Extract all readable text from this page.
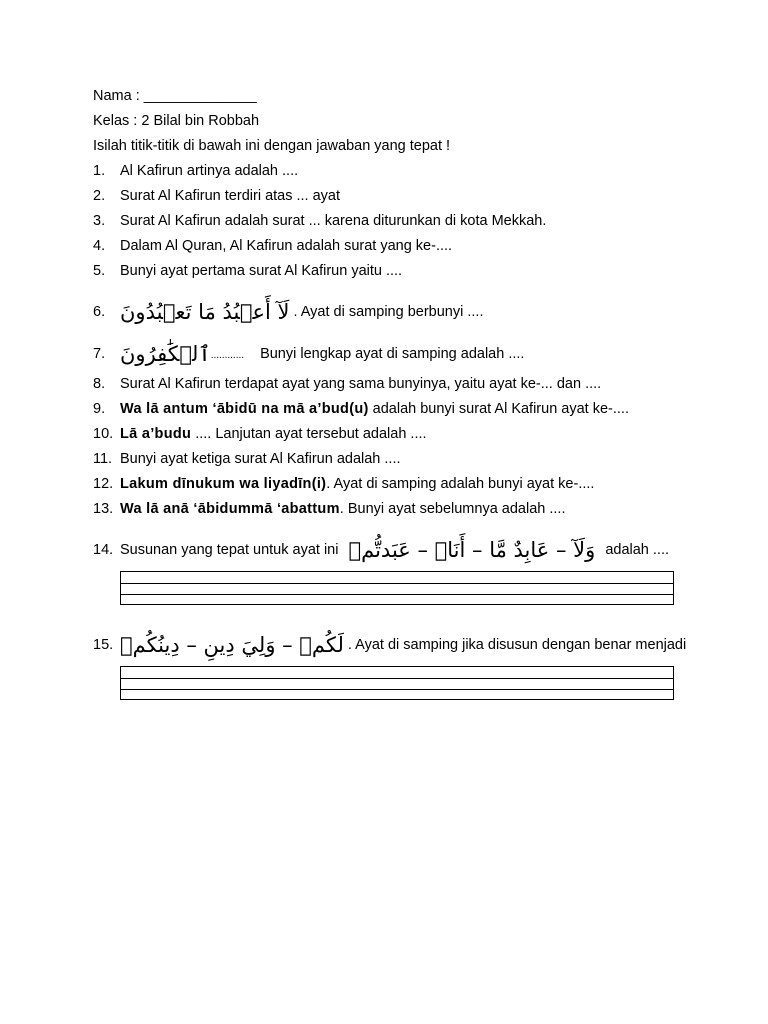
Nama : ______________
Kelas : 2 Bilal bin Robbah
Isilah titik-titik di bawah ini dengan jawaban yang tepat !
1. Al Kafirun artinya adalah ....
2. Surat Al Kafirun terdiri atas ... ayat
3. Surat Al Kafirun adalah surat ... karena diturunkan di kota Mekkah.
4. Dalam Al Quran, Al Kafirun adalah surat yang ke-....
5. Bunyi ayat pertama surat Al Kafirun yaitu ....
6. لَآ أَعۡبُدُ مَا تَعۡبُدُونَ . Ayat di samping berbunyi ....
7. ٱلۡكَٰفِرُونَ............ Bunyi lengkap ayat di samping adalah ....
8. Surat Al Kafirun terdapat ayat yang sama bunyinya, yaitu ayat ke-... dan ....
9. Wa lā antum ‘ābidū na mā a’bud(u) adalah bunyi surat Al Kafirun ayat ke-....
10. Lā a’budu .... Lanjutan ayat tersebut adalah ....
11. Bunyi ayat ketiga surat Al Kafirun adalah ....
12. Lakum dīnukum wa liyadīn(i). Ayat di samping adalah bunyi ayat ke-....
13. Wa lā anā ‘ābidummā ‘abattum. Bunyi ayat sebelumnya adalah ....
14. Susunan yang tepat untuk ayat ini وَلَآ – عَابِدٌ مَّا – أَنَا۠ – عَبَدتُّمۡ adalah ....
15. لَكُمۡ – وَلِيَ دِينِ – دِينُكُمۡ . Ayat di samping jika disusun dengan benar menjadi
